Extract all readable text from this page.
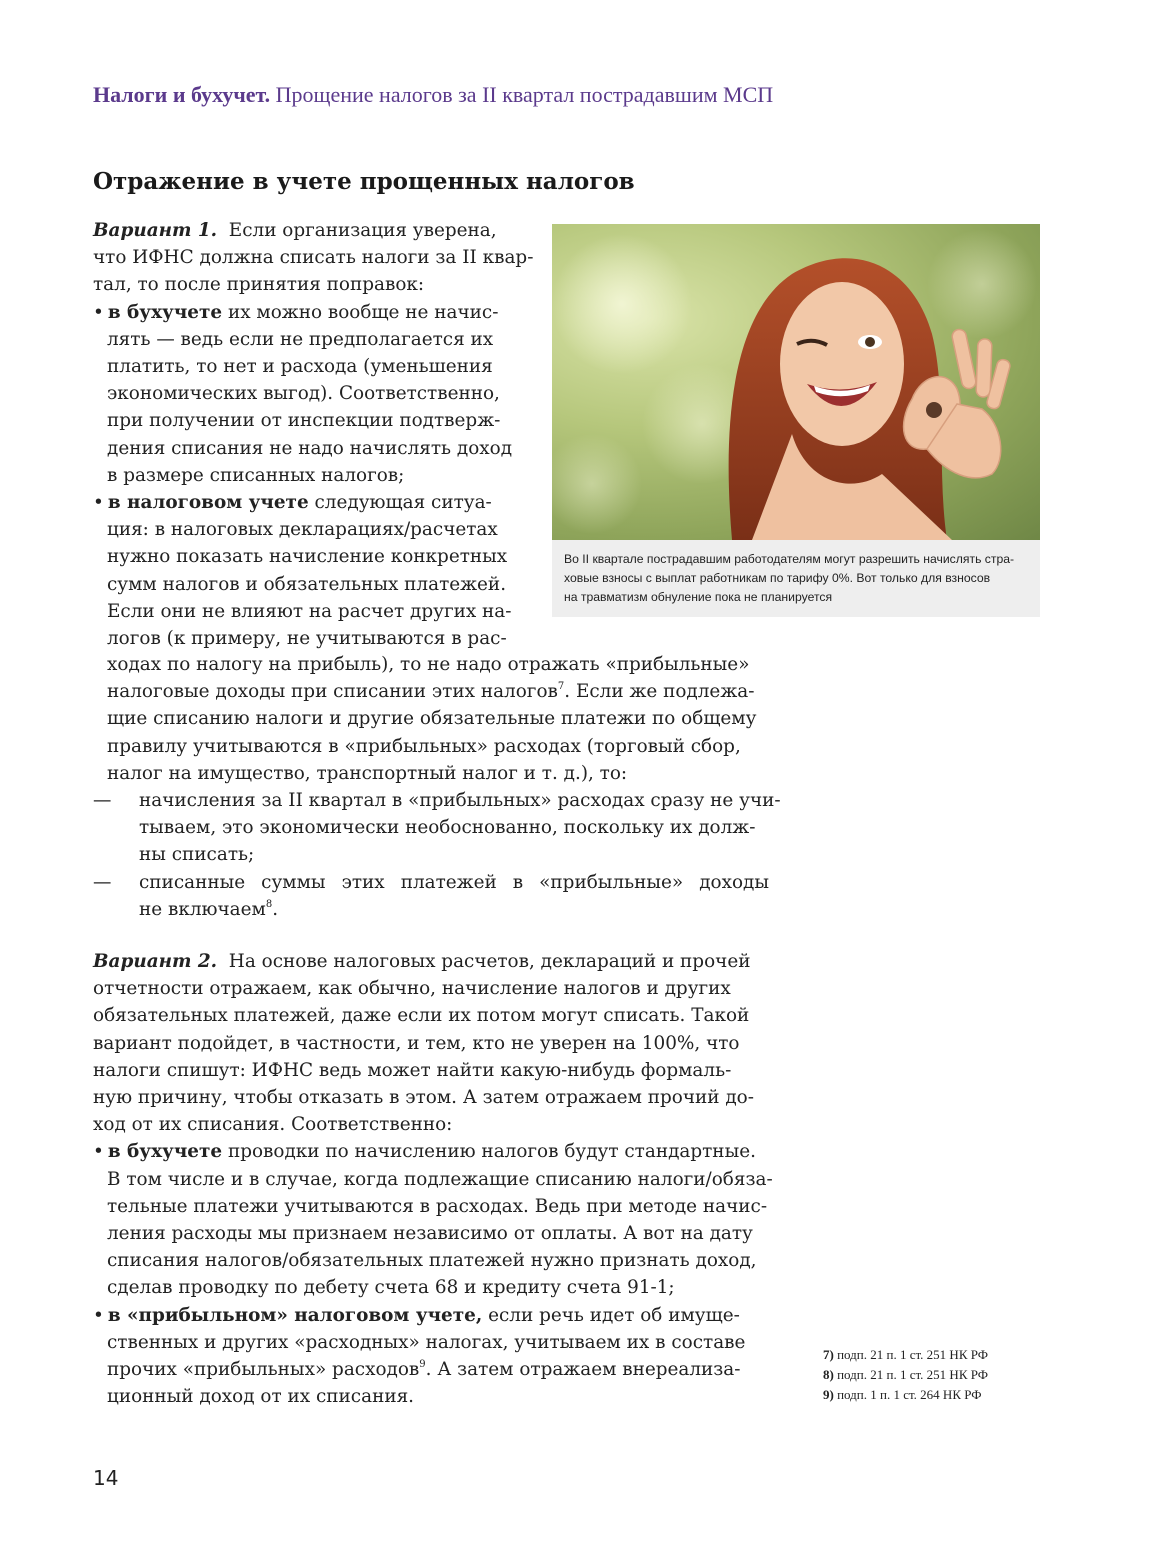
Налоги и бухучет. Прощение налогов за II квартал пострадавшим МСП
Отражение в учете прощенных налогов
Вариант 1. Если организация уверена,
что ИФНС должна списать налоги за II квар-
тал, то после принятия поправок:
• в бухучете их можно вообще не начис-
лять — ведь если не предполагается их
платить, то нет и расхода (уменьшения
экономических выгод). Соответственно,
при получении от инспекции подтверж-
дения списания не надо начислять доход
в размере списанных налогов;
• в налоговом учете следующая ситуа-
ция: в налоговых декларациях/расчетах
нужно показать начисление конкретных
сумм налогов и обязательных платежей.
Если они не влияют на расчет других на-
логов (к примеру, не учитываются в рас-
ходах по налогу на прибыль), то не надо отражать «прибыльные»
налоговые доходы при списании этих налогов$^7$. Если же подлежа-
щие списанию налоги и другие обязательные платежи по общему
правилу учитываются в «прибыльных» расходах (торговый сбор,
налог на имущество, транспортный налог и т. д.), то:
— начисления за II квартал в «прибыльных» расходах сразу не учи-
тываем, это экономически необоснованно, поскольку их долж-
ны списать;
— списанные суммы этих платежей в «прибыльные» доходы
не включаем$^8$.
Вариант 2. На основе налоговых расчетов, деклараций и прочей
отчетности отражаем, как обычно, начисление налогов и других
обязательных платежей, даже если их потом могут списать. Такой
вариант подойдет, в частности, и тем, кто не уверен на 100%, что
налоги спишут: ИФНС ведь может найти какую-нибудь формаль-
ную причину, чтобы отказать в этом. А затем отражаем прочий до-
ход от их списания. Соответственно:
• в бухучете проводки по начислению налогов будут стандартные.
В том числе и в случае, когда подлежащие списанию налоги/обяза-
тельные платежи учитываются в расходах. Ведь при методе начис-
ления расходы мы признаем независимо от оплаты. А вот на дату
списания налогов/обязательных платежей нужно признать доход,
сделав проводку по дебету счета 68 и кредиту счета 91-1;
• в «прибыльном» налоговом учете, если речь идет об имуще-
ственных и других «расходных» налогах, учитываем их в составе
прочих «прибыльных» расходов$^9$. А затем отражаем внереализа-
ционный доход от их списания.
Во II квартале пострадавшим работодателям могут разрешить начислять стра-
ховые взносы с выплат работникам по тарифу 0%. Вот только для взносов
на травматизм обнуление пока не планируется
7) подп. 21 п. 1 ст. 251 НК РФ
8) подп. 21 п. 1 ст. 251 НК РФ
9) подп. 1 п. 1 ст. 264 НК РФ
14
